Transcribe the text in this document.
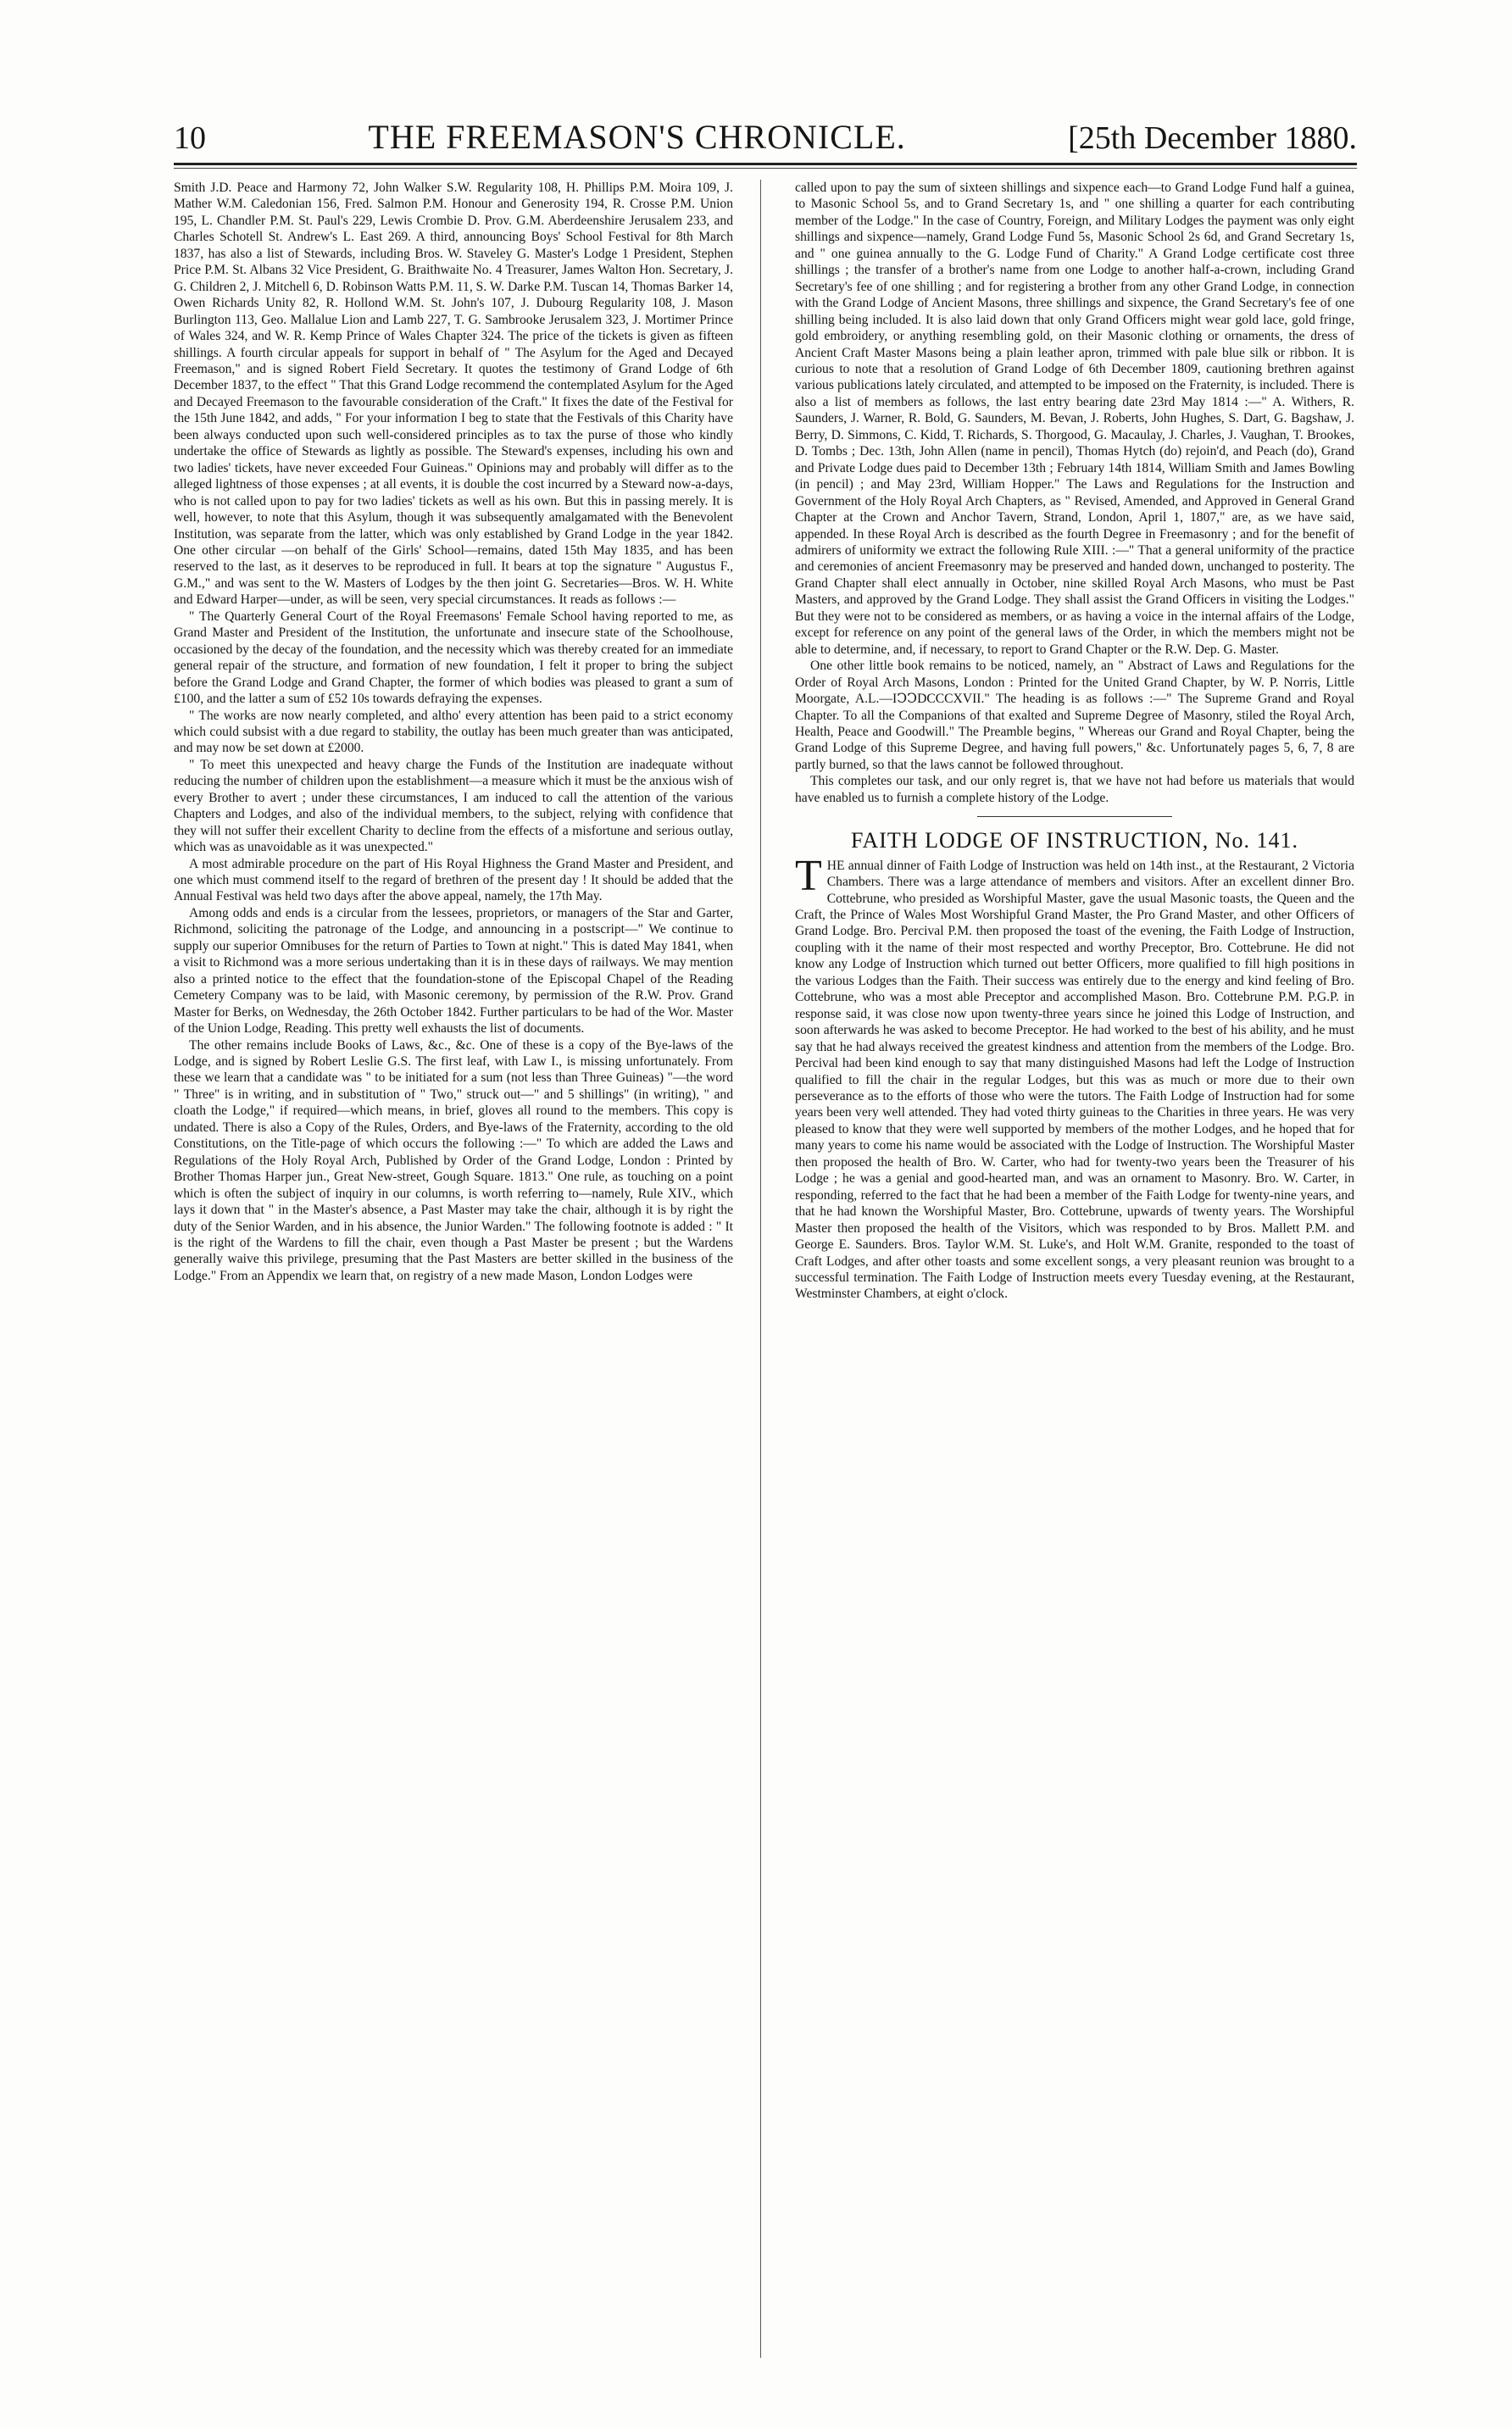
10	THE FREEMASON'S CHRONICLE.	[25th December 1880.

Smith J.D. Peace and Harmony 72, John Walker S.W. Regularity 108, H. Phillips P.M. Moira 109, J. Mather W.M. Caledonian 156, Fred. Salmon P.M. Honour and Generosity 194, R. Crosse P.M. Union 195, L. Chandler P.M. St. Paul's 229, Lewis Crombie D. Prov. G.M. Aberdeenshire Jerusalem 233, and Charles Schotell St. Andrew's L. East 269. A third, announcing Boys' School Festival for 8th March 1837, has also a list of Stewards, including Bros. W. Staveley G. Master's Lodge 1 President, Stephen Price P.M. St. Albans 32 Vice President, G. Braithwaite No. 4 Treasurer, James Walton Hon. Secretary, J. G. Children 2, J. Mitchell 6, D. Robinson Watts P.M. 11, S. W. Darke P.M. Tuscan 14, Thomas Barker 14, Owen Richards Unity 82, R. Hollond W.M. St. John's 107, J. Dubourg Regularity 108, J. Mason Burlington 113, Geo. Mallalue Lion and Lamb 227, T. G. Sambrooke Jerusalem 323, J. Mortimer Prince of Wales 324, and W. R. Kemp Prince of Wales Chapter 324. The price of the tickets is given as fifteen shillings. A fourth circular appeals for support in behalf of " The Asylum for the Aged and Decayed Freemason," and is signed Robert Field Secretary. It quotes the testimony of Grand Lodge of 6th December 1837, to the effect " That this Grand Lodge recommend the contemplated Asylum for the Aged and Decayed Freemason to the favourable consideration of the Craft." It fixes the date of the Festival for the 15th June 1842, and adds, " For your information I beg to state that the Festivals of this Charity have been always conducted upon such well-considered principles as to tax the purse of those who kindly undertake the office of Stewards as lightly as possible. The Steward's expenses, including his own and two ladies' tickets, have never exceeded Four Guineas." Opinions may and probably will differ as to the alleged lightness of those expenses ; at all events, it is double the cost incurred by a Steward now-a-days, who is not called upon to pay for two ladies' tickets as well as his own. But this in passing merely. It is well, however, to note that this Asylum, though it was subsequently amalgamated with the Benevolent Institution, was separate from the latter, which was only established by Grand Lodge in the year 1842. One other circular —on behalf of the Girls' School—remains, dated 15th May 1835, and has been reserved to the last, as it deserves to be reproduced in full. It bears at top the signature " Augustus F., G.M.," and was sent to the W. Masters of Lodges by the then joint G. Secretaries—Bros. W. H. White and Edward Harper—under, as will be seen, very special circumstances. It reads as follows :—

" The Quarterly General Court of the Royal Freemasons' Female School having reported to me, as Grand Master and President of the Institution, the unfortunate and insecure state of the Schoolhouse, occasioned by the decay of the foundation, and the necessity which was thereby created for an immediate general repair of the structure, and formation of new foundation, I felt it proper to bring the subject before the Grand Lodge and Grand Chapter, the former of which bodies was pleased to grant a sum of £100, and the latter a sum of £52 10s towards defraying the expenses.

" The works are now nearly completed, and altho' every attention has been paid to a strict economy which could subsist with a due regard to stability, the outlay has been much greater than was anticipated, and may now be set down at £2000.

" To meet this unexpected and heavy charge the Funds of the Institution are inadequate without reducing the number of children upon the establishment—a measure which it must be the anxious wish of every Brother to avert ; under these circumstances, I am induced to call the attention of the various Chapters and Lodges, and also of the individual members, to the subject, relying with confidence that they will not suffer their excellent Charity to decline from the effects of a misfortune and serious outlay, which was as unavoidable as it was unexpected."

A most admirable procedure on the part of His Royal Highness the Grand Master and President, and one which must commend itself to the regard of brethren of the present day ! It should be added that the Annual Festival was held two days after the above appeal, namely, the 17th May.

Among odds and ends is a circular from the lessees, proprietors, or managers of the Star and Garter, Richmond, soliciting the patronage of the Lodge, and announcing in a postscript—" We continue to supply our superior Omnibuses for the return of Parties to Town at night." This is dated May 1841, when a visit to Richmond was a more serious undertaking than it is in these days of railways. We may mention also a printed notice to the effect that the foundation-stone of the Episcopal Chapel of the Reading Cemetery Company was to be laid, with Masonic ceremony, by permission of the R.W. Prov. Grand Master for Berks, on Wednesday, the 26th October 1842. Further particulars to be had of the Wor. Master of the Union Lodge, Reading. This pretty well exhausts the list of documents.

The other remains include Books of Laws, &c., &c. One of these is a copy of the Bye-laws of the Lodge, and is signed by Robert Leslie G.S. The first leaf, with Law I., is missing unfortunately. From these we learn that a candidate was " to be initiated for a sum (not less than Three Guineas) "—the word " Three" is in writing, and in substitution of " Two," struck out—" and 5 shillings" (in writing), " and cloath the Lodge," if required—which means, in brief, gloves all round to the members. This copy is undated. There is also a Copy of the Rules, Orders, and Bye-laws of the Fraternity, according to the old Constitutions, on the Title-page of which occurs the following :—" To which are added the Laws and Regulations of the Holy Royal Arch, Published by Order of the Grand Lodge, London : Printed by Brother Thomas Harper jun., Great New-street, Gough Square. 1813." One rule, as touching on a point which is often the subject of inquiry in our columns, is worth referring to—namely, Rule XIV., which lays it down that " in the Master's absence, a Past Master may take the chair, although it is by right the duty of the Senior Warden, and in his absence, the Junior Warden." The following footnote is added : " It is the right of the Wardens to fill the chair, even though a Past Master be present ; but the Wardens generally waive this privilege, presuming that the Past Masters are better skilled in the business of the Lodge." From an Appendix we learn that, on registry of a new made Mason, London Lodges were

called upon to pay the sum of sixteen shillings and sixpence each—to Grand Lodge Fund half a guinea, to Masonic School 5s, and to Grand Secretary 1s, and " one shilling a quarter for each contributing member of the Lodge." In the case of Country, Foreign, and Military Lodges the payment was only eight shillings and sixpence—namely, Grand Lodge Fund 5s, Masonic School 2s 6d, and Grand Secretary 1s, and " one guinea annually to the G. Lodge Fund of Charity." A Grand Lodge certificate cost three shillings ; the transfer of a brother's name from one Lodge to another half-a-crown, including Grand Secretary's fee of one shilling ; and for registering a brother from any other Grand Lodge, in connection with the Grand Lodge of Ancient Masons, three shillings and sixpence, the Grand Secretary's fee of one shilling being included. It is also laid down that only Grand Officers might wear gold lace, gold fringe, gold embroidery, or anything resembling gold, on their Masonic clothing or ornaments, the dress of Ancient Craft Master Masons being a plain leather apron, trimmed with pale blue silk or ribbon. It is curious to note that a resolution of Grand Lodge of 6th December 1809, cautioning brethren against various publications lately circulated, and attempted to be imposed on the Fraternity, is included. There is also a list of members as follows, the last entry bearing date 23rd May 1814 :—" A. Withers, R. Saunders, J. Warner, R. Bold, G. Saunders, M. Bevan, J. Roberts, John Hughes, S. Dart, G. Bagshaw, J. Berry, D. Simmons, C. Kidd, T. Richards, S. Thorgood, G. Macaulay, J. Charles, J. Vaughan, T. Brookes, D. Tombs ; Dec. 13th, John Allen (name in pencil), Thomas Hytch (do) rejoin'd, and Peach (do), Grand and Private Lodge dues paid to December 13th ; February 14th 1814, William Smith and James Bowling (in pencil) ; and May 23rd, William Hopper." The Laws and Regulations for the Instruction and Government of the Holy Royal Arch Chapters, as " Revised, Amended, and Approved in General Grand Chapter at the Crown and Anchor Tavern, Strand, London, April 1, 1807," are, as we have said, appended. In these Royal Arch is described as the fourth Degree in Freemasonry ; and for the benefit of admirers of uniformity we extract the following Rule XIII. :—" That a general uniformity of the practice and ceremonies of ancient Freemasonry may be preserved and handed down, unchanged to posterity. The Grand Chapter shall elect annually in October, nine skilled Royal Arch Masons, who must be Past Masters, and approved by the Grand Lodge. They shall assist the Grand Officers in visiting the Lodges." But they were not to be considered as members, or as having a voice in the internal affairs of the Lodge, except for reference on any point of the general laws of the Order, in which the members might not be able to determine, and, if necessary, to report to Grand Chapter or the R.W. Dep. G. Master.

One other little book remains to be noticed, namely, an " Abstract of Laws and Regulations for the Order of Royal Arch Masons, London : Printed for the United Grand Chapter, by W. P. Norris, Little Moorgate, A.L.—IↃↃDCCCXVII." The heading is as follows :—" The Supreme Grand and Royal Chapter. To all the Companions of that exalted and Supreme Degree of Masonry, stiled the Royal Arch, Health, Peace and Goodwill." The Preamble begins, " Whereas our Grand and Royal Chapter, being the Grand Lodge of this Supreme Degree, and having full powers," &c. Unfortunately pages 5, 6, 7, 8 are partly burned, so that the laws cannot be followed throughout.

This completes our task, and our only regret is, that we have not had before us materials that would have enabled us to furnish a complete history of the Lodge.

FAITH LODGE OF INSTRUCTION, No. 141.

THE annual dinner of Faith Lodge of Instruction was held on 14th inst., at the Restaurant, 2 Victoria Chambers. There was a large attendance of members and visitors. After an excellent dinner Bro. Cottebrune, who presided as Worshipful Master, gave the usual Masonic toasts, the Queen and the Craft, the Prince of Wales Most Worshipful Grand Master, the Pro Grand Master, and other Officers of Grand Lodge. Bro. Percival P.M. then proposed the toast of the evening, the Faith Lodge of Instruction, coupling with it the name of their most respected and worthy Preceptor, Bro. Cottebrune. He did not know any Lodge of Instruction which turned out better Officers, more qualified to fill high positions in the various Lodges than the Faith. Their success was entirely due to the energy and kind feeling of Bro. Cottebrune, who was a most able Preceptor and accomplished Mason. Bro. Cottebrune P.M. P.G.P. in response said, it was close now upon twenty-three years since he joined this Lodge of Instruction, and soon afterwards he was asked to become Preceptor. He had worked to the best of his ability, and he must say that he had always received the greatest kindness and attention from the members of the Lodge. Bro. Percival had been kind enough to say that many distinguished Masons had left the Lodge of Instruction qualified to fill the chair in the regular Lodges, but this was as much or more due to their own perseverance as to the efforts of those who were the tutors. The Faith Lodge of Instruction had for some years been very well attended. They had voted thirty guineas to the Charities in three years. He was very pleased to know that they were well supported by members of the mother Lodges, and he hoped that for many years to come his name would be associated with the Lodge of Instruction. The Worshipful Master then proposed the health of Bro. W. Carter, who had for twenty-two years been the Treasurer of his Lodge ; he was a genial and good-hearted man, and was an ornament to Masonry. Bro. W. Carter, in responding, referred to the fact that he had been a member of the Faith Lodge for twenty-nine years, and that he had known the Worshipful Master, Bro. Cottebrune, upwards of twenty years. The Worshipful Master then proposed the health of the Visitors, which was responded to by Bros. Mallett P.M. and George E. Saunders. Bros. Taylor W.M. St. Luke's, and Holt W.M. Granite, responded to the toast of Craft Lodges, and after other toasts and some excellent songs, a very pleasant reunion was brought to a successful termination. The Faith Lodge of Instruction meets every Tuesday evening, at the Restaurant, Westminster Chambers, at eight o'clock.
